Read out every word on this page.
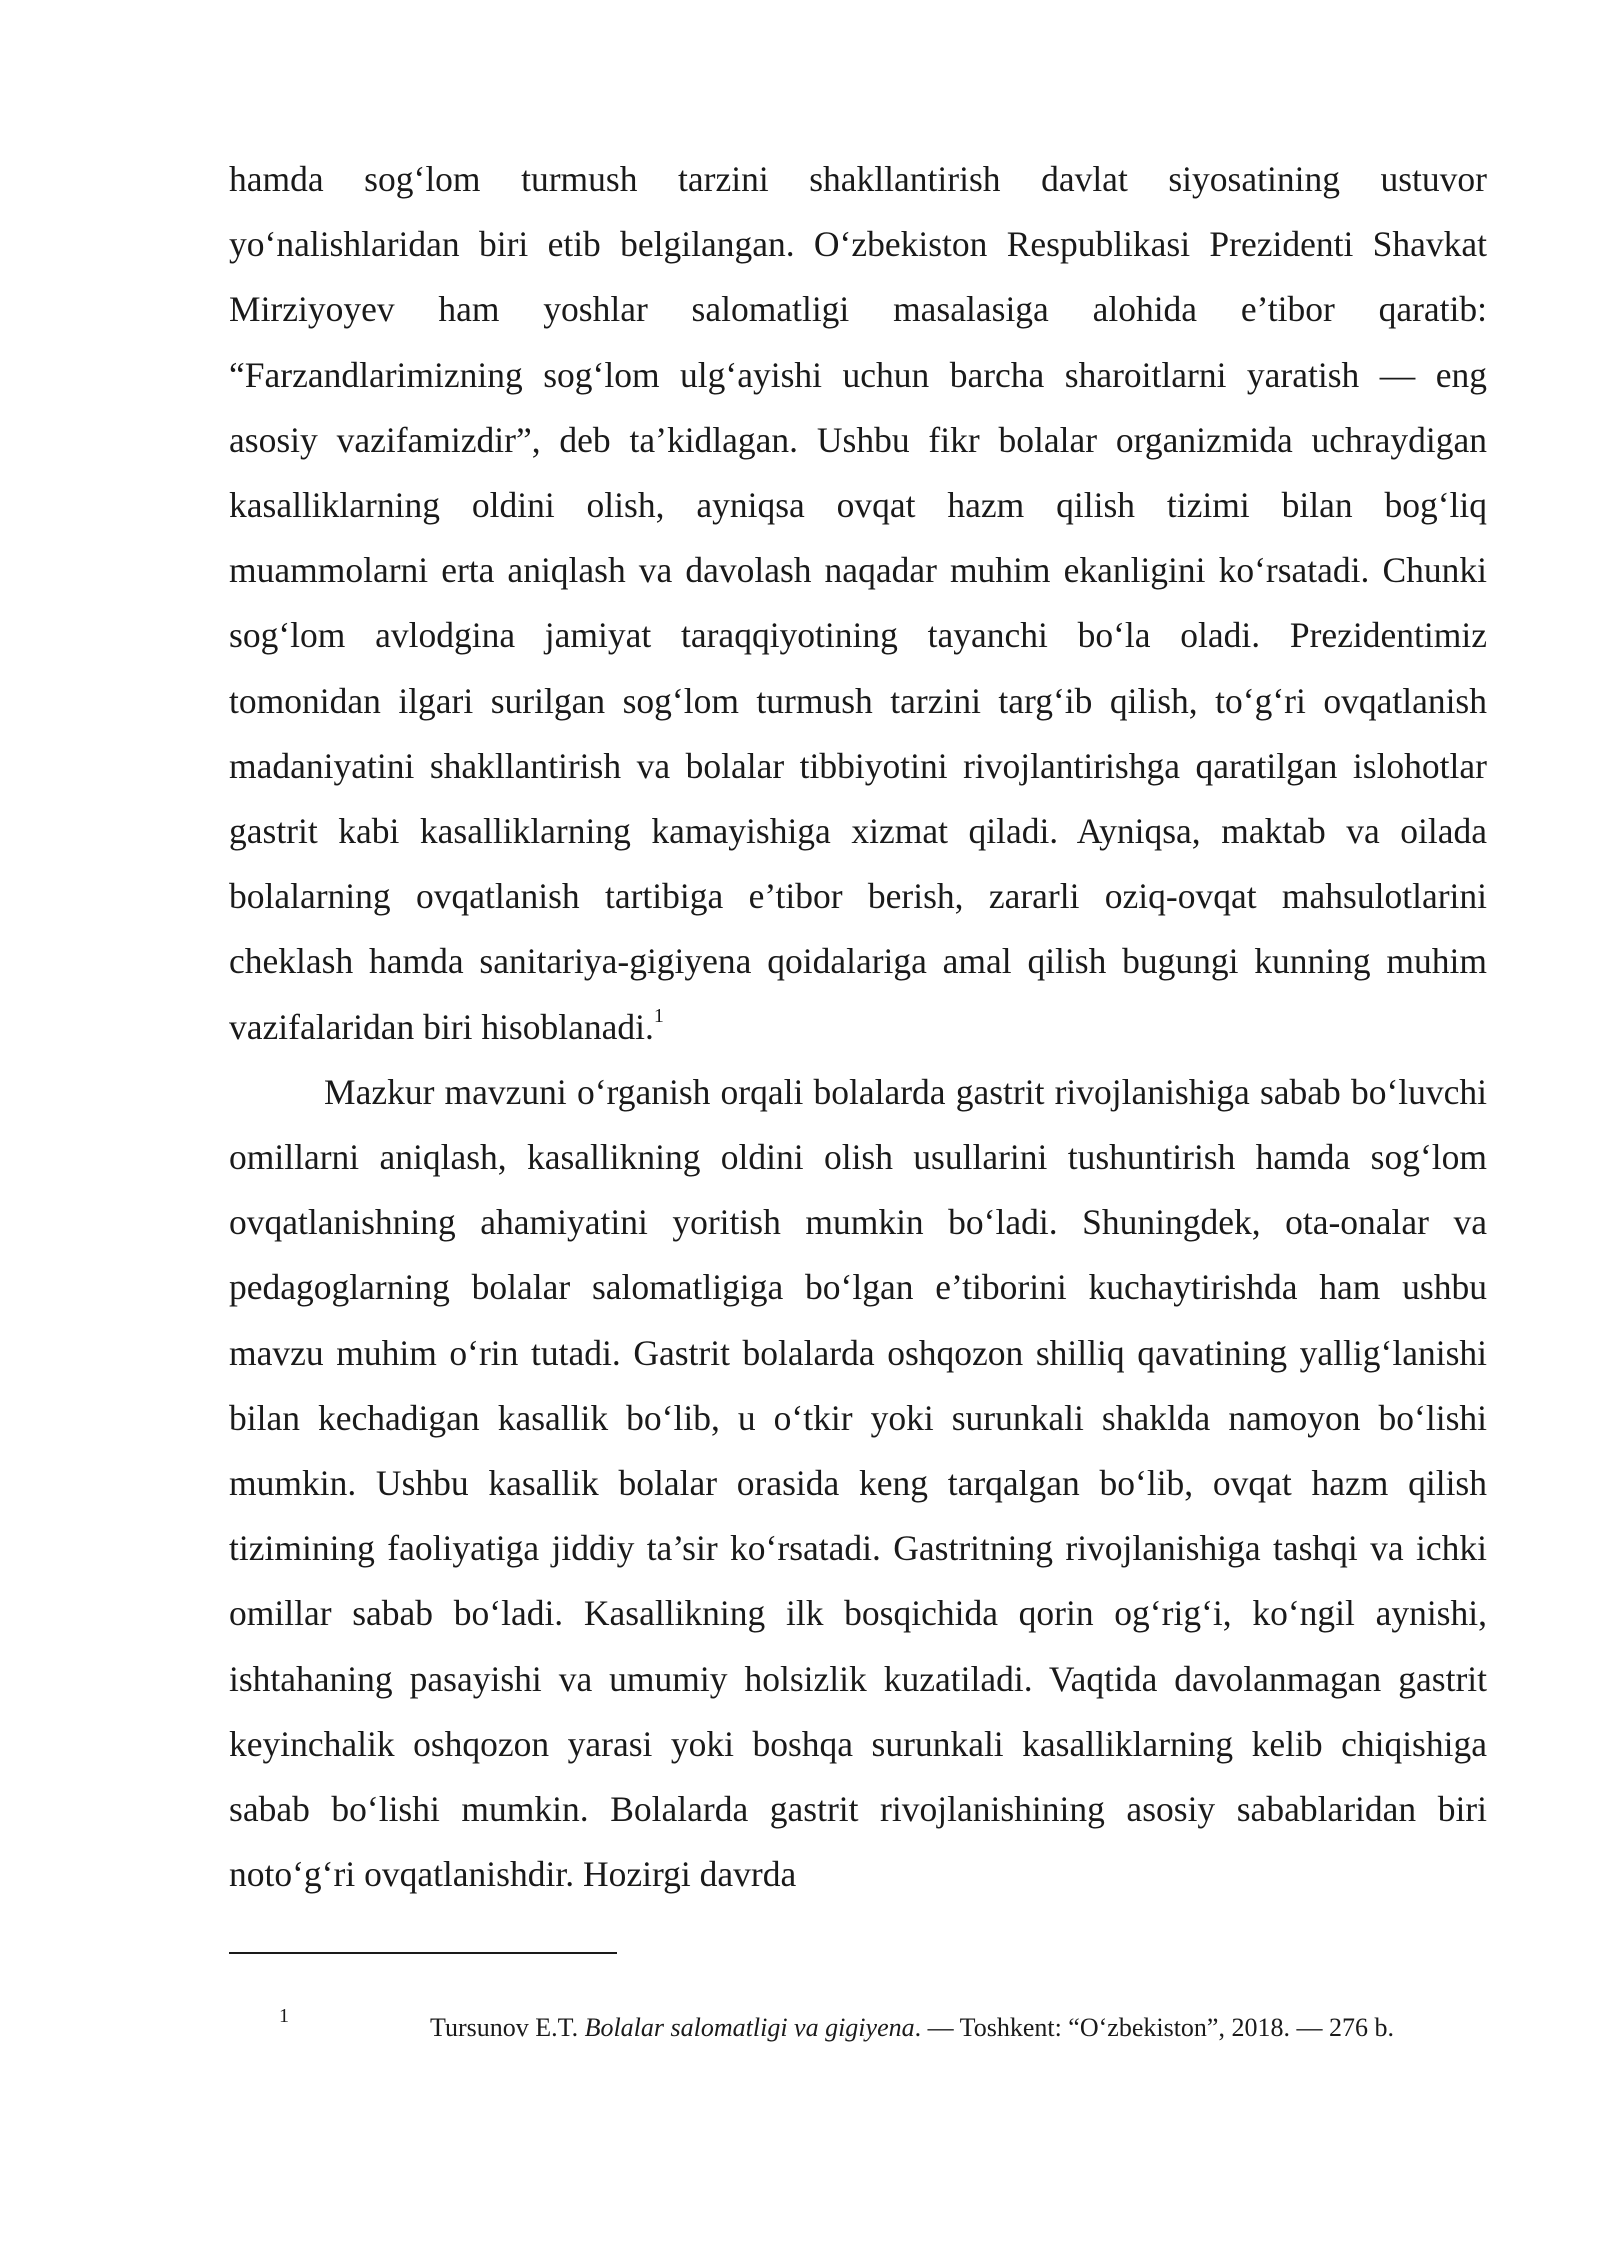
hamda sog‘lom turmush tarzini shakllantirish davlat siyosatining ustuvor yo‘nalishlaridan biri etib belgilangan. O‘zbekiston Respublikasi Prezidenti Shavkat Mirziyoyev ham yoshlar salomatligi masalasiga alohida e’tibor qaratib: “Farzandlarimizning sog‘lom ulg‘ayishi uchun barcha sharoitlarni yaratish — eng asosiy vazifamizdir”, deb ta’kidlagan. Ushbu fikr bolalar organizmida uchraydigan kasalliklarning oldini olish, ayniqsa ovqat hazm qilish tizimi bilan bog‘liq muammolarni erta aniqlash va davolash naqadar muhim ekanligini ko‘rsatadi. Chunki sog‘lom avlodgina jamiyat taraqqiyotining tayanchi bo‘la oladi. Prezidentimiz tomonidan ilgari surilgan sog‘lom turmush tarzini targ‘ib qilish, to‘g‘ri ovqatlanish madaniyatini shakllantirish va bolalar tibbiyotini rivojlantirishga qaratilgan islohotlar gastrit kabi kasalliklarning kamayishiga xizmat qiladi. Ayniqsa, maktab va oilada bolalarning ovqatlanish tartibiga e’tibor berish, zararli oziq-ovqat mahsulotlarini cheklash hamda sanitariya-gigiyena qoidalariga amal qilish bugungi kunning muhim vazifalaridan biri hisoblanadi.$^1$

Mazkur mavzuni o‘rganish orqali bolalarda gastrit rivojlanishiga sabab bo‘luvchi omillarni aniqlash, kasallikning oldini olish usullarini tushuntirish hamda sog‘lom ovqatlanishning ahamiyatini yoritish mumkin bo‘ladi. Shuningdek, ota-onalar va pedagoglarning bolalar salomatligiga bo‘lgan e’tiborini kuchaytirishda ham ushbu mavzu muhim o‘rin tutadi. Gastrit bolalarda oshqozon shilliq qavatining yallig‘lanishi bilan kechadigan kasallik bo‘lib, u o‘tkir yoki surunkali shaklda namoyon bo‘lishi mumkin. Ushbu kasallik bolalar orasida keng tarqalgan bo‘lib, ovqat hazm qilish tizimining faoliyatiga jiddiy ta’sir ko‘rsatadi. Gastritning rivojlanishiga tashqi va ichki omillar sabab bo‘ladi. Kasallikning ilk bosqichida qorin og‘rig‘i, ko‘ngil aynishi, ishtahaning pasayishi va umumiy holsizlik kuzatiladi. Vaqtida davolanmagan gastrit keyinchalik oshqozon yarasi yoki boshqa surunkali kasalliklarning kelib chiqishiga sabab bo‘lishi mumkin. Bolalarda gastrit rivojlanishining asosiy sabablaridan biri noto‘g‘ri ovqatlanishdir. Hozirgi davrda

1	Tursunov E.T. Bolalar salomatligi va gigiyena. — Toshkent: “O‘zbekiston”, 2018. — 276 b.
